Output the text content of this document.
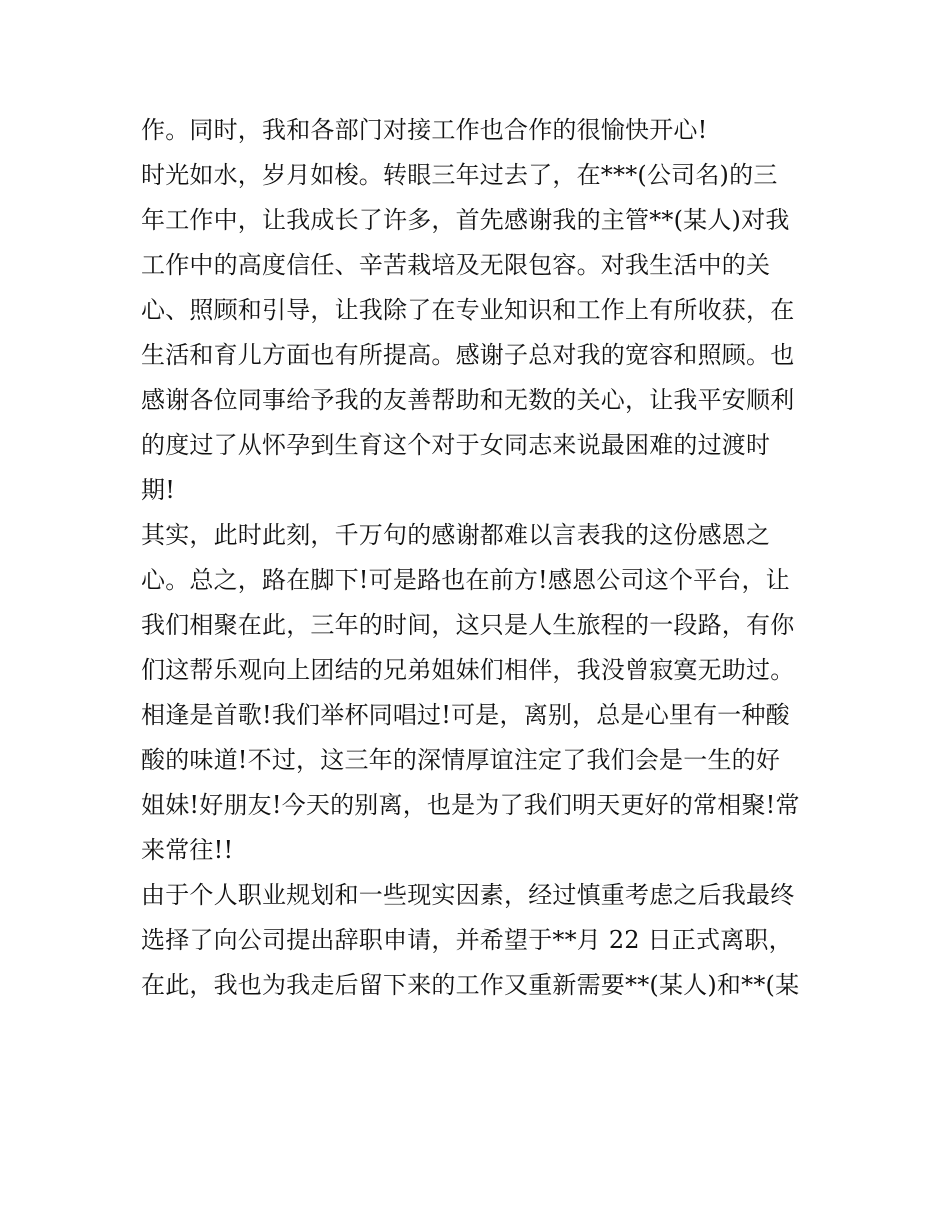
作。同时，我和各部门对接工作也合作的很愉快开心!
时光如水，岁月如梭。转眼三年过去了，在***(公司名)的三
年工作中，让我成长了许多，首先感谢我的主管**(某人)对我
工作中的高度信任、辛苦栽培及无限包容。对我生活中的关
心、照顾和引导，让我除了在专业知识和工作上有所收获，在
生活和育儿方面也有所提高。感谢子总对我的宽容和照顾。也
感谢各位同事给予我的友善帮助和无数的关心，让我平安顺利
的度过了从怀孕到生育这个对于女同志来说最困难的过渡时
期!
其实，此时此刻，千万句的感谢都难以言表我的这份感恩之
心。总之，路在脚下!可是路也在前方!感恩公司这个平台，让
我们相聚在此，三年的时间，这只是人生旅程的一段路，有你
们这帮乐观向上团结的兄弟姐妹们相伴，我没曾寂寞无助过。
相逢是首歌!我们举杯同唱过!可是，离别，总是心里有一种酸
酸的味道!不过，这三年的深情厚谊注定了我们会是一生的好
姐妹!好朋友!今天的别离，也是为了我们明天更好的常相聚!常
来常往!!
由于个人职业规划和一些现实因素，经过慎重考虑之后我最终
选择了向公司提出辞职申请，并希望于**月 22 日正式离职，
在此，我也为我走后留下来的工作又重新需要**(某人)和**(某
